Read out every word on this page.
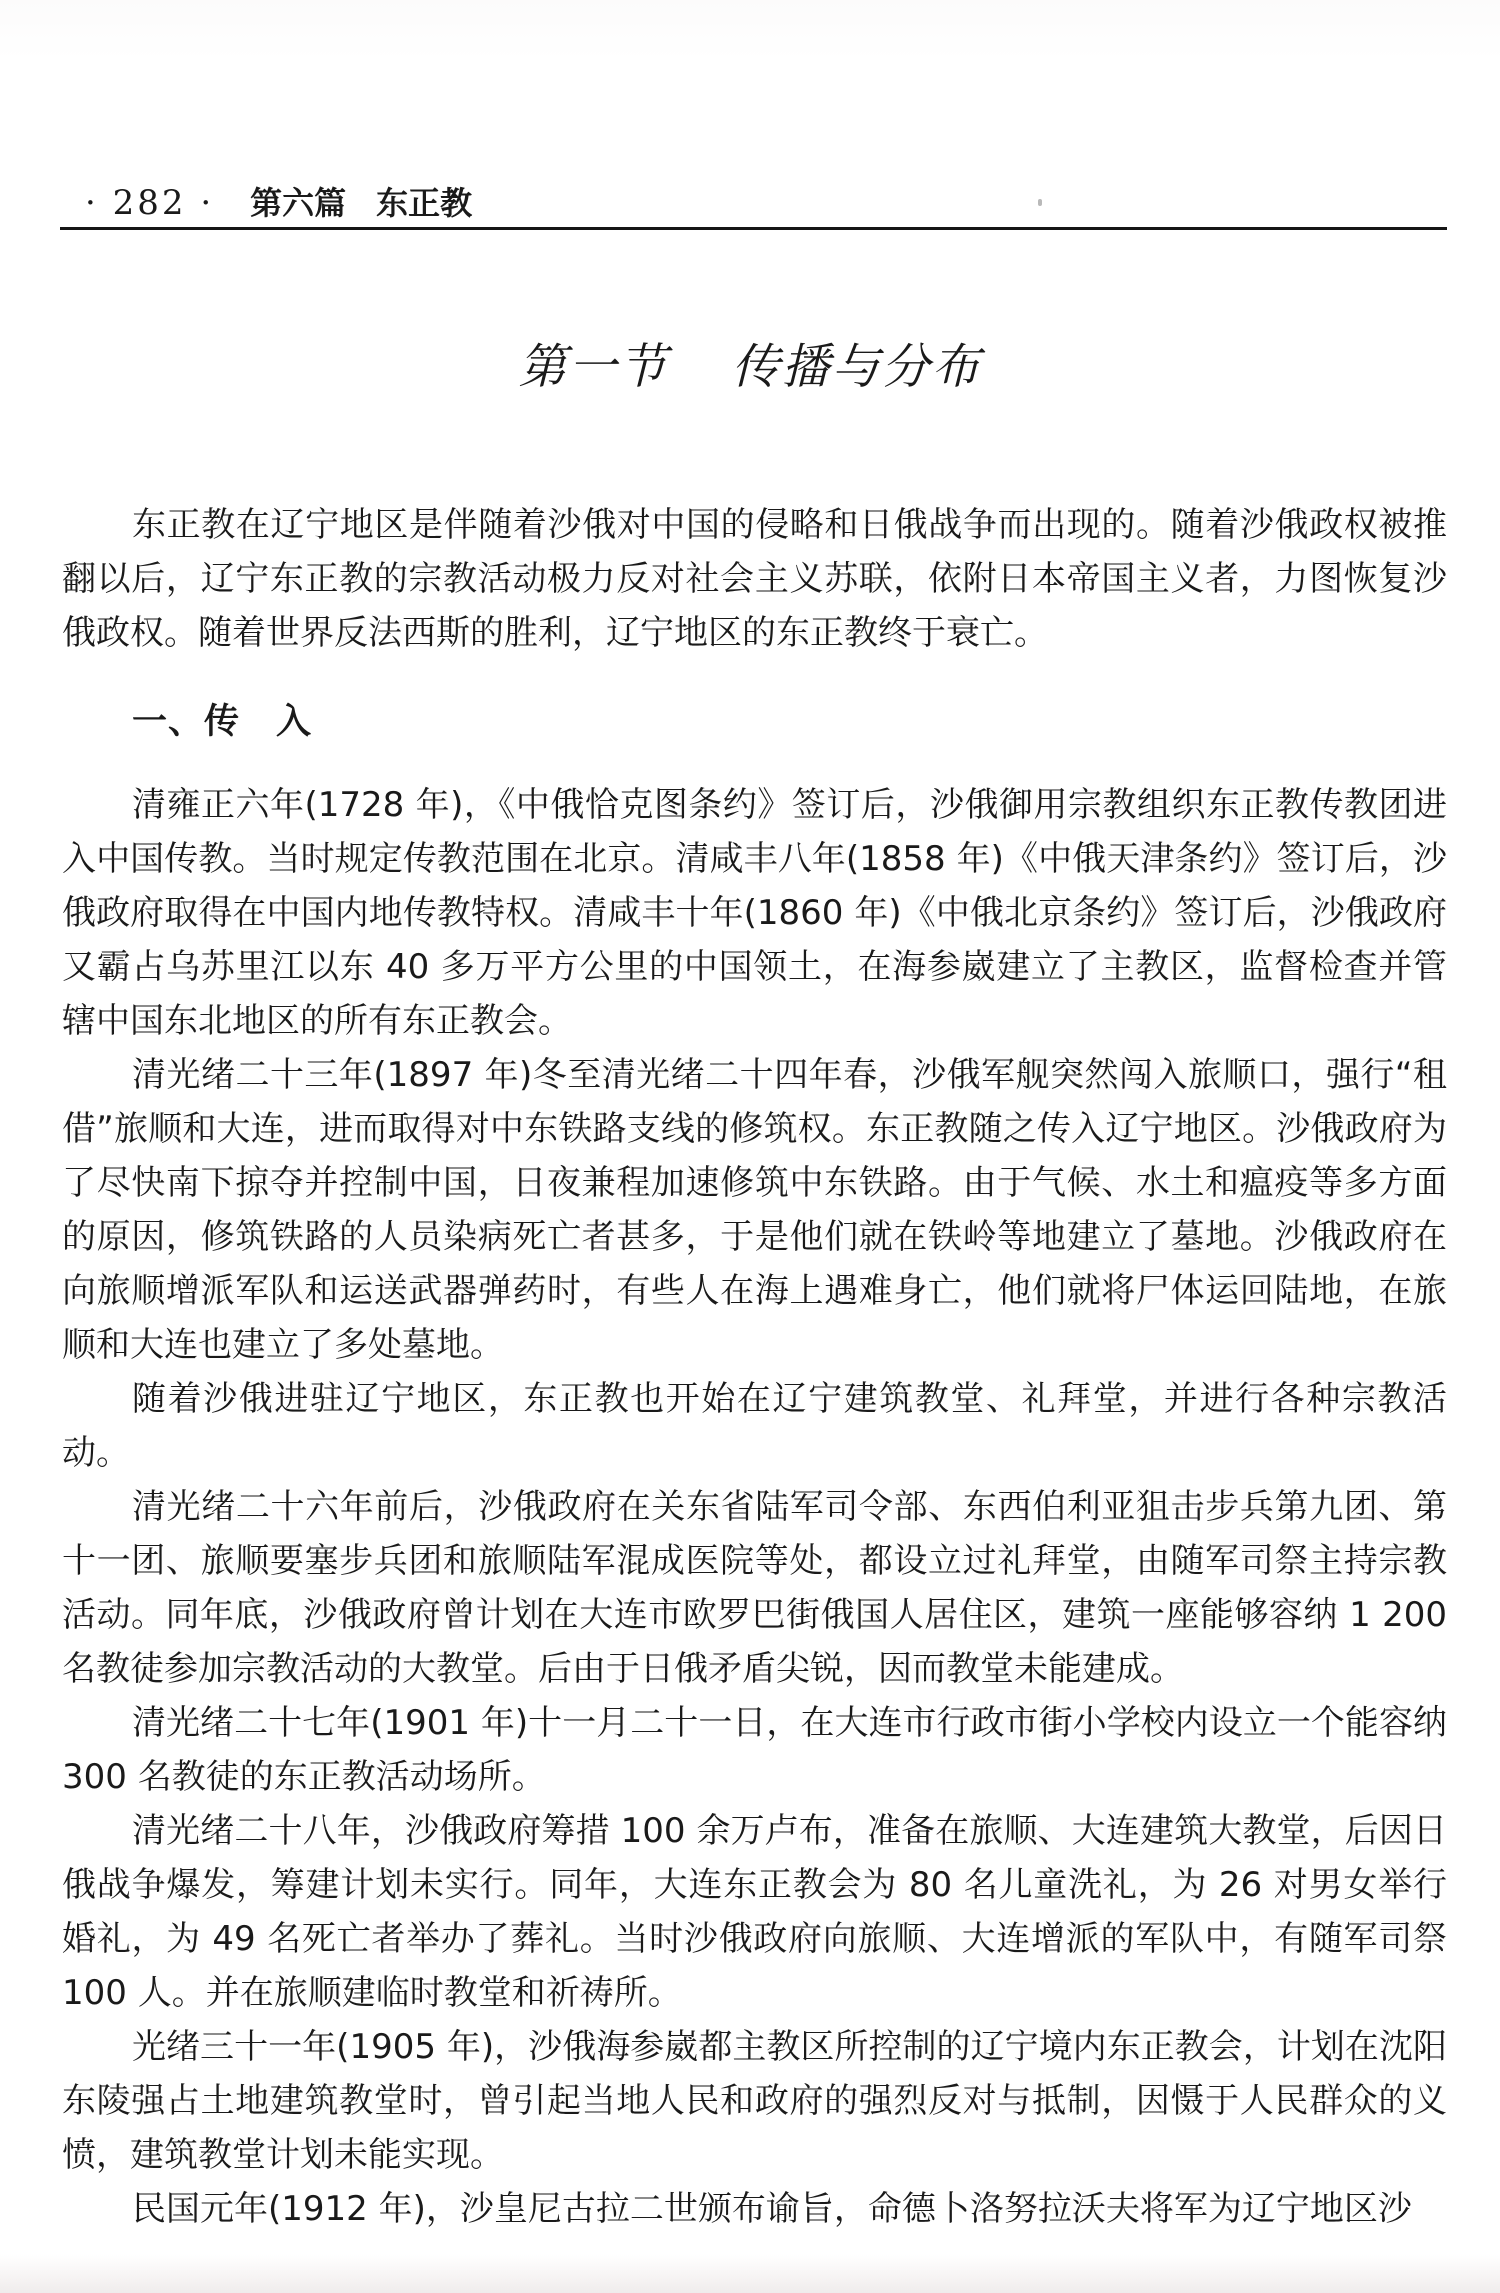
· 282 · 第六篇 东正教
第一节 传播与分布

东正教在辽宁地区是伴随着沙俄对中国的侵略和日俄战争而出现的。随着沙俄政权被推翻以后，辽宁东正教的宗教活动极力反对社会主义苏联，依附日本帝国主义者，力图恢复沙俄政权。随着世界反法西斯的胜利，辽宁地区的东正教终于衰亡。

一、传　入

清雍正六年(1728 年)，《中俄恰克图条约》签订后，沙俄御用宗教组织东正教传教团进入中国传教。当时规定传教范围在北京。清咸丰八年(1858 年)《中俄天津条约》签订后，沙俄政府取得在中国内地传教特权。清咸丰十年(1860 年)《中俄北京条约》签订后，沙俄政府又霸占乌苏里江以东 40 多万平方公里的中国领土，在海参崴建立了主教区，监督检查并管辖中国东北地区的所有东正教会。

清光绪二十三年(1897 年)冬至清光绪二十四年春，沙俄军舰突然闯入旅顺口，强行“租借”旅顺和大连，进而取得对中东铁路支线的修筑权。东正教随之传入辽宁地区。沙俄政府为了尽快南下掠夺并控制中国，日夜兼程加速修筑中东铁路。由于气候、水土和瘟疫等多方面的原因，修筑铁路的人员染病死亡者甚多，于是他们就在铁岭等地建立了墓地。沙俄政府在向旅顺增派军队和运送武器弹药时，有些人在海上遇难身亡，他们就将尸体运回陆地，在旅顺和大连也建立了多处墓地。

随着沙俄进驻辽宁地区，东正教也开始在辽宁建筑教堂、礼拜堂，并进行各种宗教活动。

清光绪二十六年前后，沙俄政府在关东省陆军司令部、东西伯利亚狙击步兵第九团、第十一团、旅顺要塞步兵团和旅顺陆军混成医院等处，都设立过礼拜堂，由随军司祭主持宗教活动。同年底，沙俄政府曾计划在大连市欧罗巴街俄国人居住区，建筑一座能够容纳 1 200 名教徒参加宗教活动的大教堂。后由于日俄矛盾尖锐，因而教堂未能建成。

清光绪二十七年(1901 年)十一月二十一日，在大连市行政市街小学校内设立一个能容纳 300 名教徒的东正教活动场所。

清光绪二十八年，沙俄政府筹措 100 余万卢布，准备在旅顺、大连建筑大教堂，后因日俄战争爆发，筹建计划未实行。同年，大连东正教会为 80 名儿童洗礼，为 26 对男女举行婚礼，为 49 名死亡者举办了葬礼。当时沙俄政府向旅顺、大连增派的军队中，有随军司祭 100 人。并在旅顺建临时教堂和祈祷所。

光绪三十一年(1905 年)，沙俄海参崴都主教区所控制的辽宁境内东正教会，计划在沈阳东陵强占土地建筑教堂时，曾引起当地人民和政府的强烈反对与抵制，因慑于人民群众的义愤，建筑教堂计划未能实现。

民国元年(1912 年)，沙皇尼古拉二世颁布谕旨，命德卜洛努拉沃夫将军为辽宁地区沙
